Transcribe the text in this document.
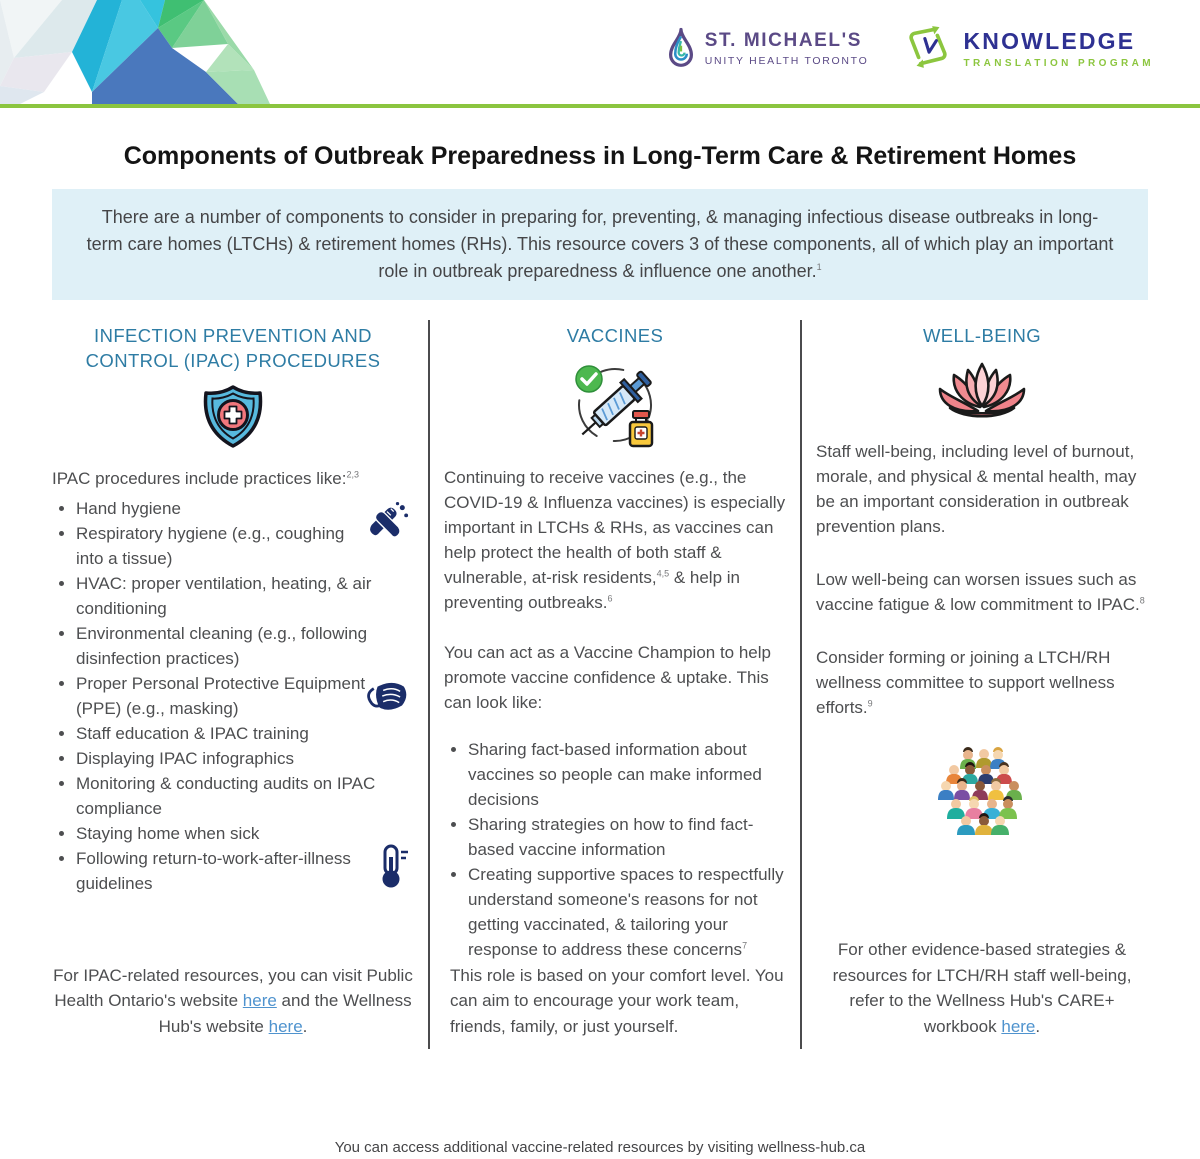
ST. MICHAEL'S
UNITY HEALTH TORONTO
KNOWLEDGE
TRANSLATION PROGRAM
Components of Outbreak Preparedness in Long-Term Care & Retirement Homes
There are a number of components to consider in preparing for, preventing, & managing infectious disease outbreaks in long-term care homes (LTCHs) & retirement homes (RHs). This resource covers 3 of these components, all of which play an important role in outbreak preparedness & influence one another.$^1$
INFECTION PREVENTION AND CONTROL (IPAC) PROCEDURES

IPAC procedures include practices like:$^{2,3}$

• Hand hygiene
• Respiratory hygiene (e.g., coughing into a tissue)
• HVAC: proper ventilation, heating, & air conditioning
• Environmental cleaning (e.g., following disinfection practices)
• Proper Personal Protective Equipment (PPE) (e.g., masking)
• Staff education & IPAC training
• Displaying IPAC infographics
• Monitoring & conducting audits on IPAC compliance
• Staying home when sick
• Following return-to-work-after-illness guidelines
For IPAC-related resources, you can visit Public Health Ontario's website here and the Wellness Hub's website here.
VACCINES

Continuing to receive vaccines (e.g., the COVID-19 & Influenza vaccines) is especially important in LTCHs & RHs, as vaccines can help protect the health of both staff & vulnerable, at-risk residents,$^{4,5}$ & help in preventing outbreaks.$^6$

You can act as a Vaccine Champion to help promote vaccine confidence & uptake. This can look like:

• Sharing fact-based information about vaccines so people can make informed decisions
• Sharing strategies on how to find fact-based vaccine information
• Creating supportive spaces to respectfully understand someone's reasons for not getting vaccinated, & tailoring your response to address these concerns$^7$
This role is based on your comfort level. You can aim to encourage your work team, friends, family, or just yourself.
WELL-BEING

Staff well-being, including level of burnout, morale, and physical & mental health, may be an important consideration in outbreak prevention plans.

Low well-being can worsen issues such as vaccine fatigue & low commitment to IPAC.$^8$

Consider forming or joining a LTCH/RH wellness committee to support wellness efforts.$^9$

For other evidence-based strategies & resources for LTCH/RH staff well-being, refer to the Wellness Hub's CARE+ workbook here.
You can access additional vaccine-related resources by visiting wellness-hub.ca
